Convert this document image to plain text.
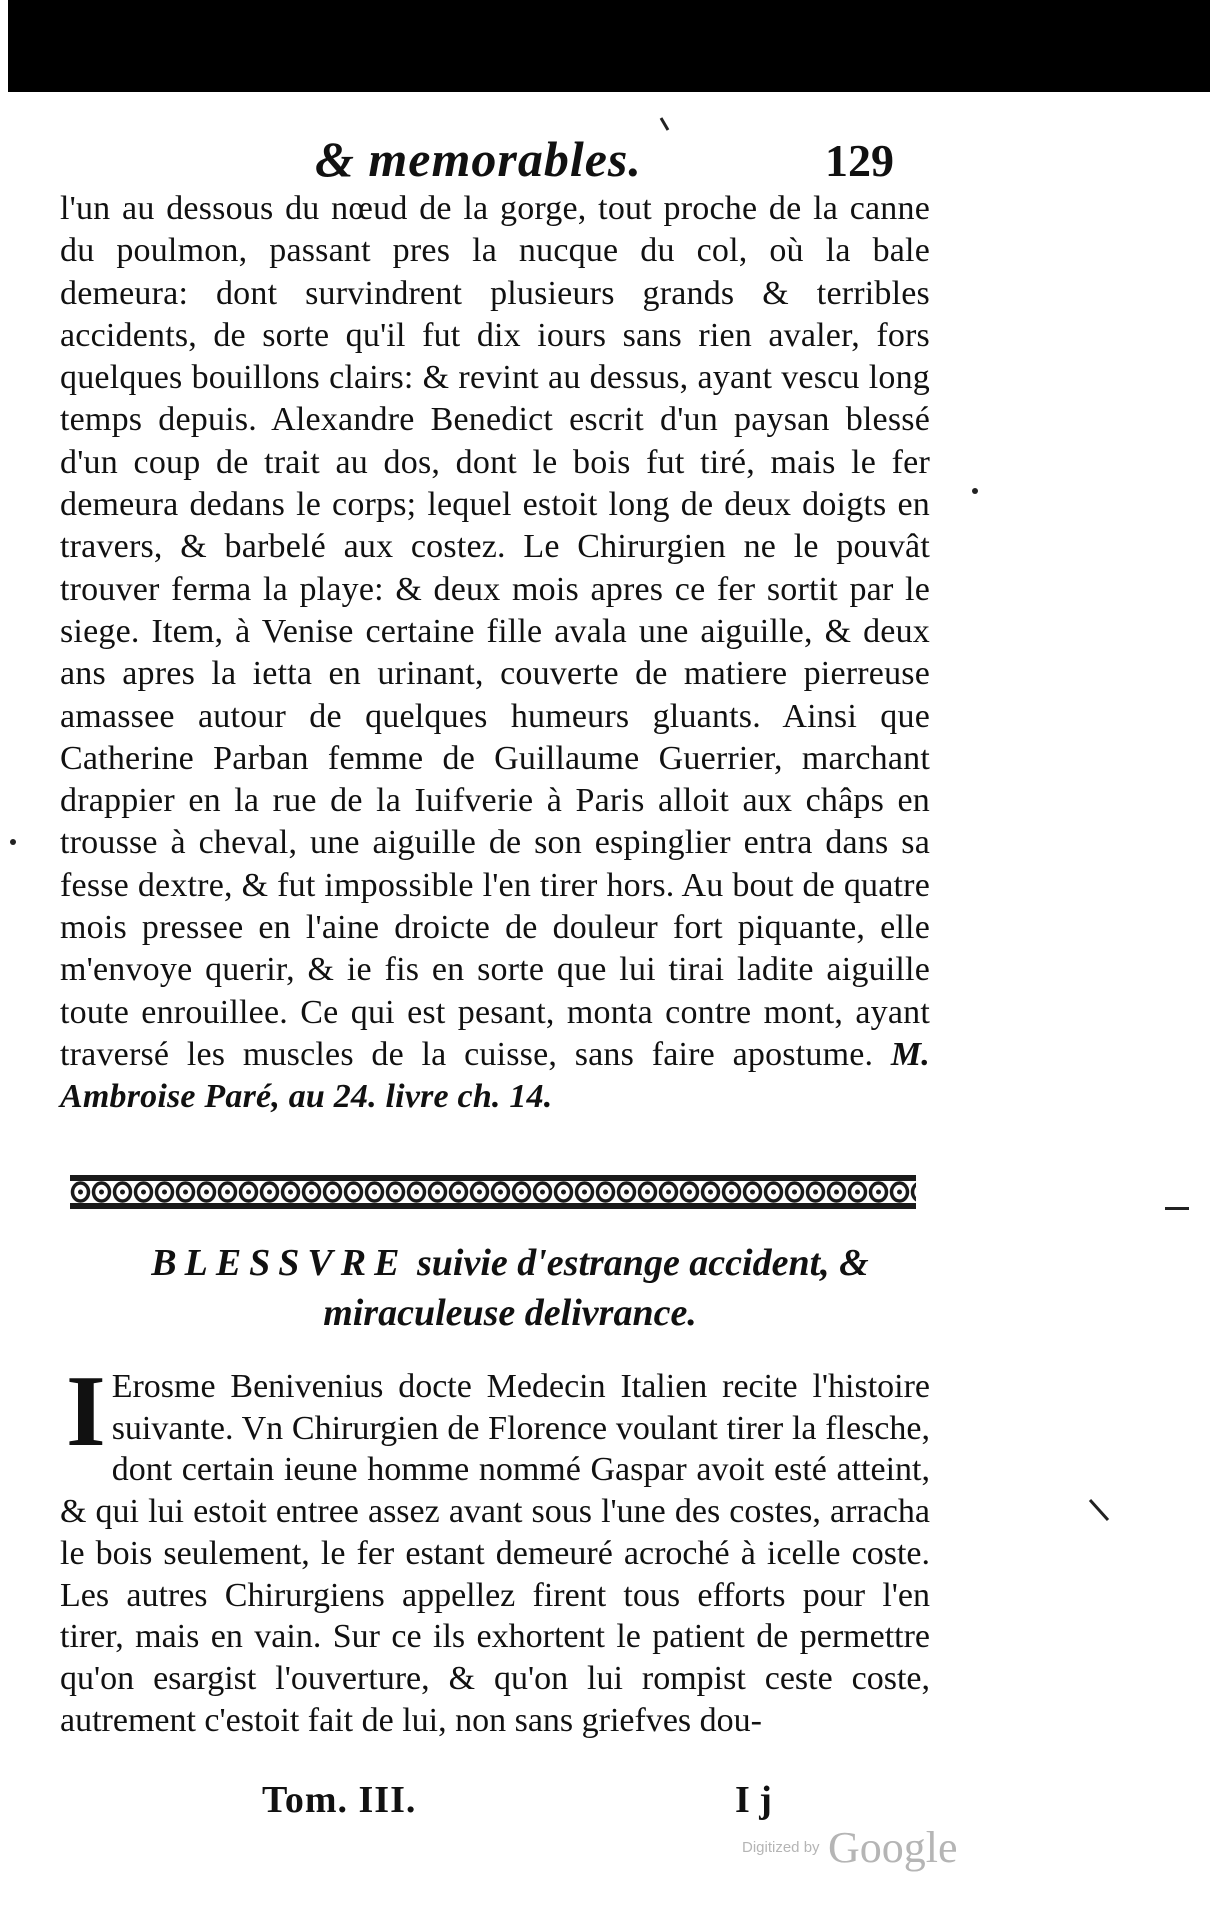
& memorables.	129
l'un au dessous du nœud de la gorge, tout proche de la canne du poulmon, passant pres la nucque du col, où la bale demeura: dont survindrent plusieurs grands & terribles accidents, de sorte qu'il fut dix iours sans rien avaler, fors quelques bouillons clairs: & revint au dessus, ayant vescu long temps depuis. Alexandre Benedict escrit d'un paysan blessé d'un coup de trait au dos, dont le bois fut tiré, mais le fer demeura dedans le corps; lequel estoit long de deux doigts en travers, & barbelé aux costez. Le Chirurgien ne le pouvât trouver ferma la playe: & deux mois apres ce fer sortit par le siege. Item, à Venise certaine fille avala une aiguille, & deux ans apres la ietta en urinant, couverte de matiere pierreuse amassee autour de quelques humeurs gluants. Ainsi que Catherine Parban femme de Guillaume Guerrier, marchant drappier en la rue de la Iuifverie à Paris alloit aux châps en trousse à cheval, une aiguille de son espinglier entra dans sa fesse dextre, & fut impossible l'en tirer hors. Au bout de quatre mois pressee en l'aine droicte de douleur fort piquante, elle m'envoye querir, & ie fis en sorte que lui tirai ladite aiguille toute enrouillee. Ce qui est pesant, monta contre mont, ayant traversé les muscles de la cuisse, sans faire apostume. M. Ambroise Paré, au 24. livre ch. 14.
BLESSVRE suivie d'estrange accident, & miraculeuse delivrance.
I Erosme Benivenius docte Medecin Italien recite l'histoire suivante. Vn Chirurgien de Florence voulant tirer la flesche, dont certain ieune homme nommé Gaspar avoit esté atteint, & qui lui estoit entree assez avant sous l'une des costes, arracha le bois seulement, le fer estant demeuré acroché à icelle coste. Les autres Chirurgiens appellez firent tous efforts pour l'en tirer, mais en vain. Sur ce ils exhortent le patient de permettre qu'on esargist l'ouverture, & qu'on lui rompist ceste coste, autrement c'estoit fait de lui, non sans griefves dou-
Tom. III.	I j
Digitized by Google
